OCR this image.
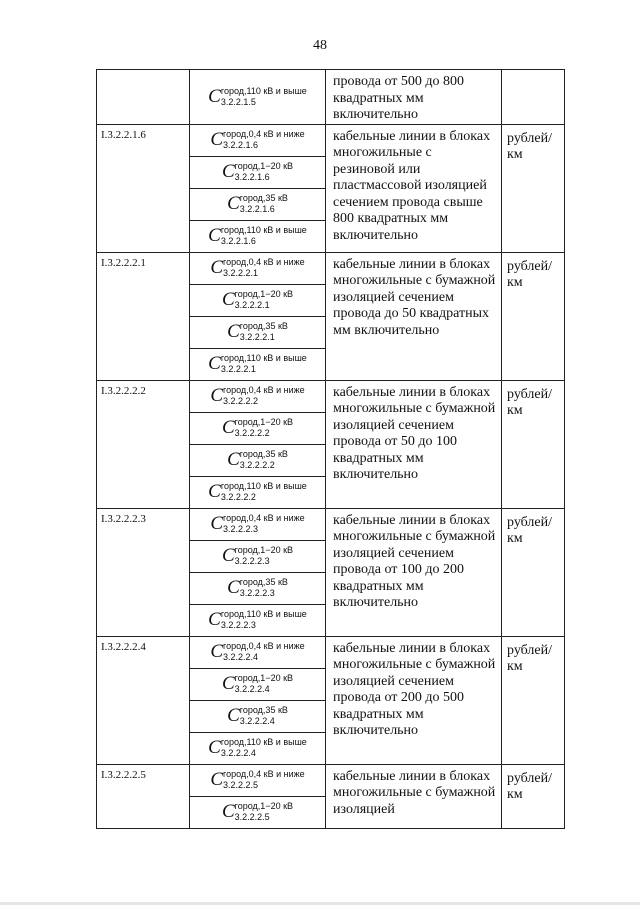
48

	C город,110 кВ и выше
3.2.2.1.5	провода от 500 до 800 квадратных мм включительно	

I.3.2.2.1.6	C город,0,4 кВ и ниже
3.2.2.1.6	кабельные линии в блоках многожильные с резиновой или пластмассовой изоляцией сечением провода свыше 800 квадратных мм включительно	рублей/км

	C город,1−20 кВ
3.2.2.1.6		

	C город,35 кВ
3.2.2.1.6		

	C город,110 кВ и выше
3.2.2.1.6		

I.3.2.2.2.1	C город,0,4 кВ и ниже
3.2.2.2.1	кабельные линии в блоках многожильные с бумажной изоляцией сечением провода до 50 квадратных мм включительно	рублей/км

	C город,1−20 кВ
3.2.2.2.1		

	C город,35 кВ
3.2.2.2.1		

	C город,110 кВ и выше
3.2.2.2.1		

I.3.2.2.2.2	C город,0,4 кВ и ниже
3.2.2.2.2	кабельные линии в блоках многожильные с бумажной изоляцией сечением провода от 50 до 100 квадратных мм включительно	рублей/км

	C город,1−20 кВ
3.2.2.2.2		

	C город,35 кВ
3.2.2.2.2		

	C город,110 кВ и выше
3.2.2.2.2		

I.3.2.2.2.3	C город,0,4 кВ и ниже
3.2.2.2.3	кабельные линии в блоках многожильные с бумажной изоляцией сечением провода от 100 до 200 квадратных мм включительно	рублей/км

	C город,1−20 кВ
3.2.2.2.3		

	C город,35 кВ
3.2.2.2.3		

	C город,110 кВ и выше
3.2.2.2.3		

I.3.2.2.2.4	C город,0,4 кВ и ниже
3.2.2.2.4	кабельные линии в блоках многожильные с бумажной изоляцией сечением провода от 200 до 500 квадратных мм включительно	рублей/км

	C город,1−20 кВ
3.2.2.2.4		

	C город,35 кВ
3.2.2.2.4		

	C город,110 кВ и выше
3.2.2.2.4		

I.3.2.2.2.5	C город,0,4 кВ и ниже
3.2.2.2.5	кабельные линии в блоках многожильные с бумажной изоляцией	рублей/км

	C город,1−20 кВ
3.2.2.2.5		
